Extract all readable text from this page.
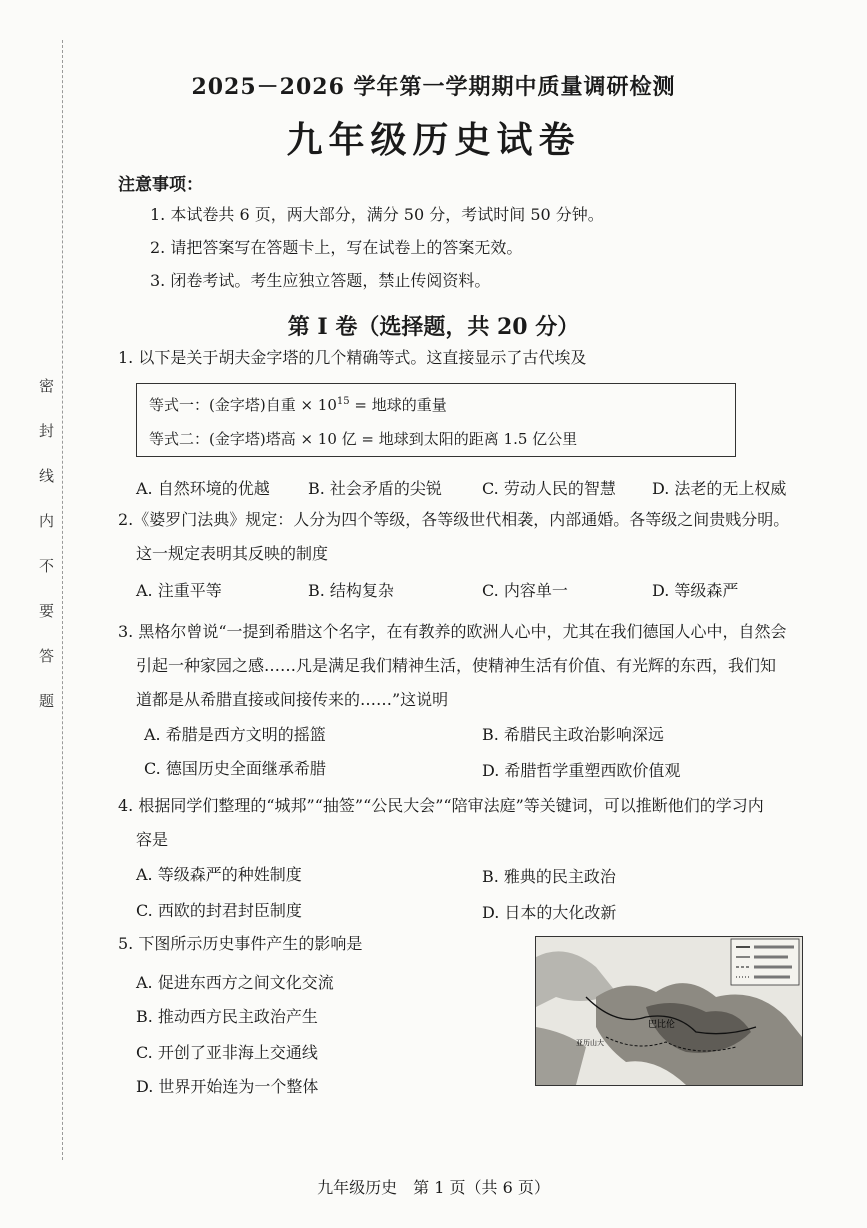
密封线内不要答题
2025－2026 学年第一学期期中质量调研检测
九年级历史试卷
注意事项：
1. 本试卷共 6 页，两大部分，满分 50 分，考试时间 50 分钟。
2. 请把答案写在答题卡上，写在试卷上的答案无效。
3. 闭卷考试。考生应独立答题，禁止传阅资料。
第 I 卷（选择题，共 20 分）
1. 以下是关于胡夫金字塔的几个精确等式。这直接显示了古代埃及
等式一：(金字塔)自重 × $10^{15}$ = 地球的重量
等式二：(金字塔)塔高 × 10 亿 = 地球到太阳的距离 1.5 亿公里
A. 自然环境的优越 B. 社会矛盾的尖锐	C. 劳动人民的智慧 D. 法老的无上权威
2.《婆罗门法典》规定：人分为四个等级，各等级世代相袭，内部通婚。各等级之间贵贱分明。
这一规定表明其反映的制度
A. 注重平等	B. 结构复杂	C. 内容单一	D. 等级森严
3. 黑格尔曾说“一提到希腊这个名字，在有教养的欧洲人心中，尤其在我们德国人心中，自然会
引起一种家园之感……凡是满足我们精神生活，使精神生活有价值、有光辉的东西，我们知
道都是从希腊直接或间接传来的……”这说明
A. 希腊是西方文明的摇篮	B. 希腊民主政治影响深远
C. 德国历史全面继承希腊	D. 希腊哲学重塑西欧价值观
4. 根据同学们整理的“城邦”“抽签”“公民大会”“陪审法庭”等关键词，可以推断他们的学习内
容是
A. 等级森严的种姓制度	B. 雅典的民主政治
C. 西欧的封君封臣制度	D. 日本的大化改新
5. 下图所示历史事件产生的影响是
A. 促进东西方之间文化交流
B. 推动西方民主政治产生
C. 开创了亚非海上交通线
D. 世界开始连为一个整体
巴比伦
亚历山大
九年级历史　第 1 页（共 6 页）
